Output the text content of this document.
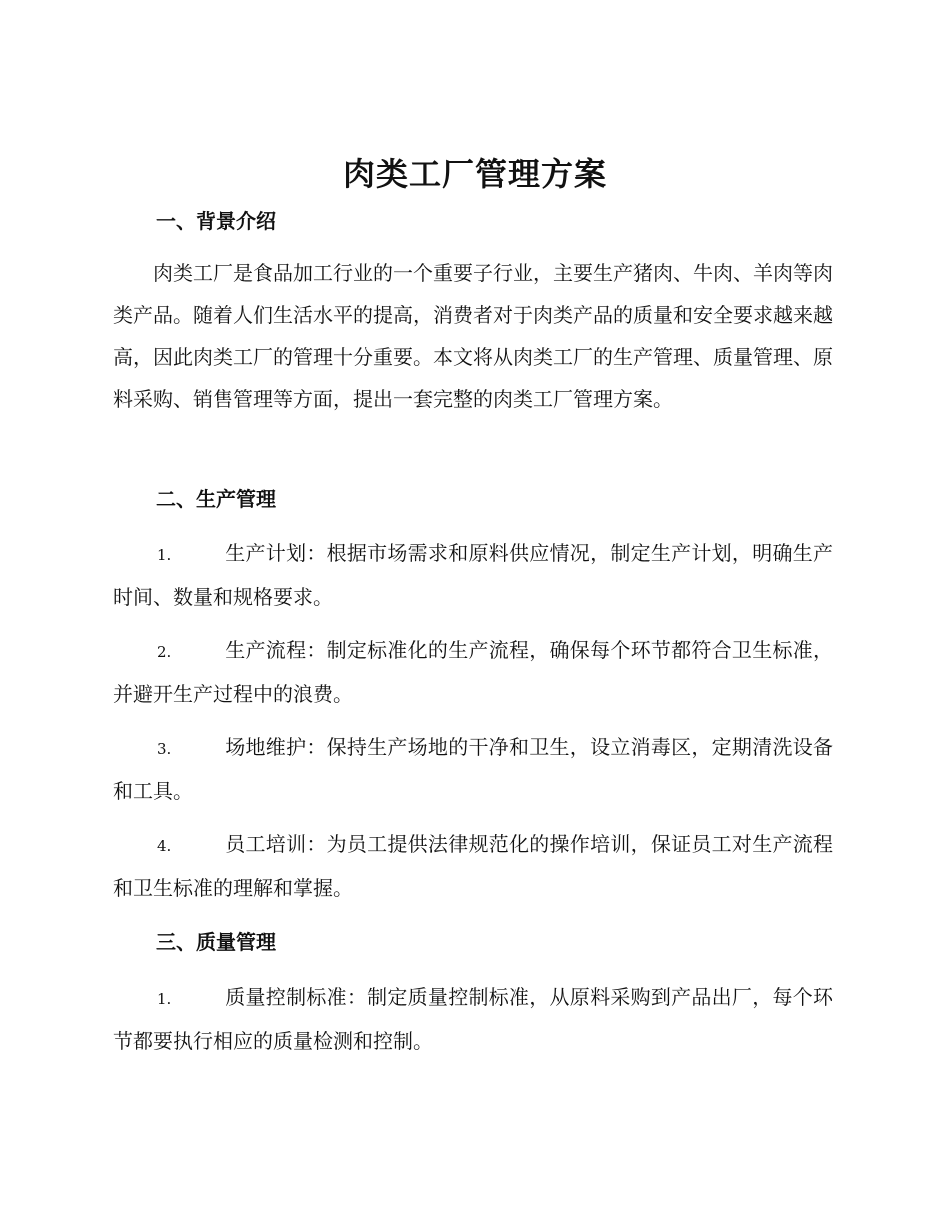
肉类工厂管理方案
一、背景介绍

肉类工厂是食品加工行业的一个重要子行业，主要生产猪肉、牛肉、羊肉等肉类产品。随着人们生活水平的提高，消费者对于肉类产品的质量和安全要求越来越高，因此肉类工厂的管理十分重要。本文将从肉类工厂的生产管理、质量管理、原料采购、销售管理等方面，提出一套完整的肉类工厂管理方案。

二、生产管理

1.	生产计划：根据市场需求和原料供应情况，制定生产计划，明确生产时间、数量和规格要求。

2.	生产流程：制定标准化的生产流程，确保每个环节都符合卫生标准，并避开生产过程中的浪费。

3.	场地维护：保持生产场地的干净和卫生，设立消毒区，定期清洗设备和工具。

4.	员工培训：为员工提供法律规范化的操作培训，保证员工对生产流程和卫生标准的理解和掌握。

三、质量管理

1.	质量控制标准：制定质量控制标准，从原料采购到产品出厂，每个环节都要执行相应的质量检测和控制。
